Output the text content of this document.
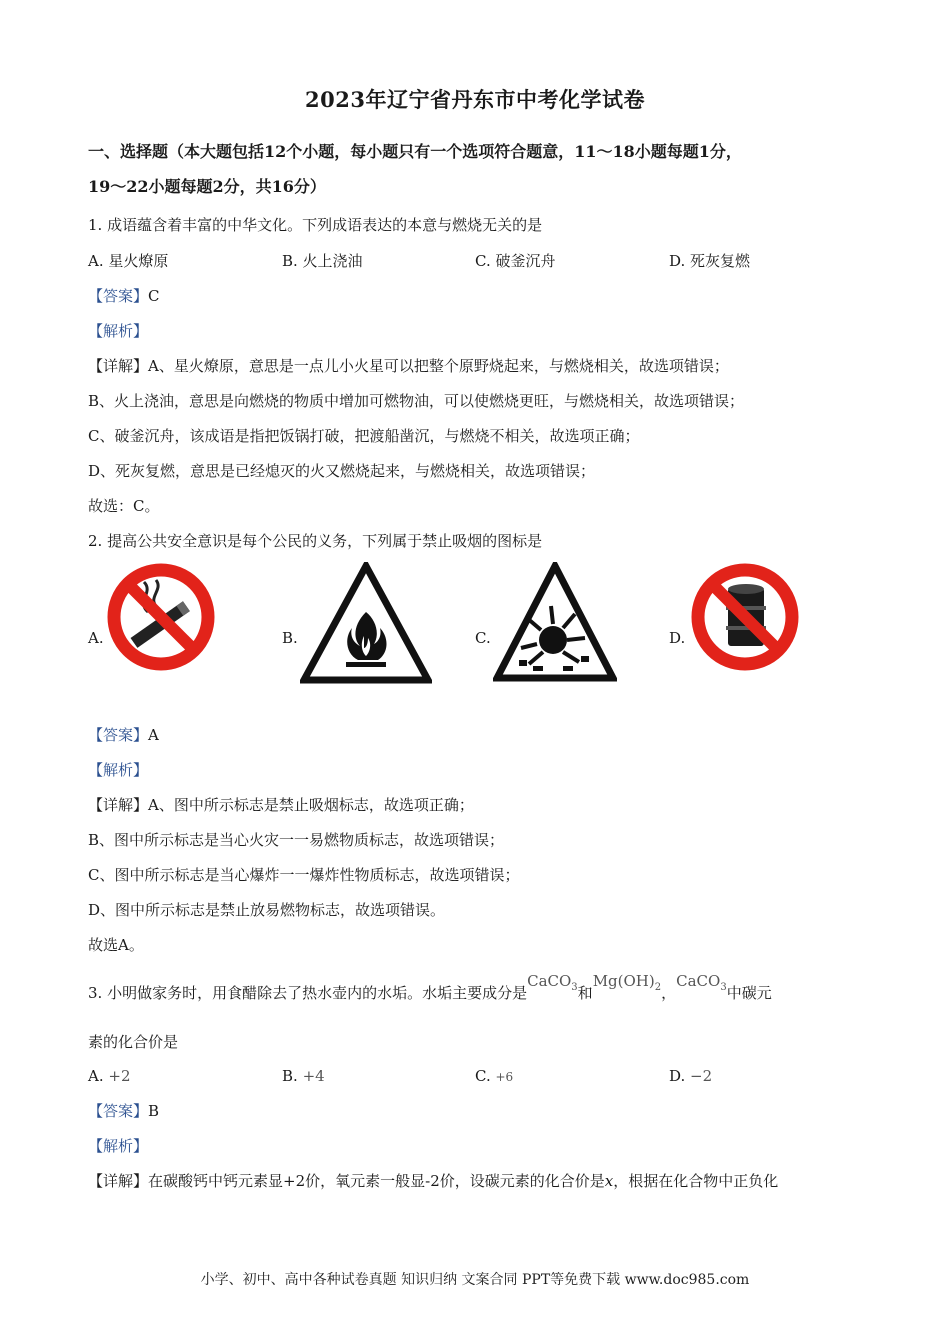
2023年辽宁省丹东市中考化学试卷
一、选择题（本大题包括12个小题，每小题只有一个选项符合题意，11～18小题每题1分，
19～22小题每题2分，共16分）
1. 成语蕴含着丰富的中华文化。下列成语表达的本意与燃烧无关的是
A. 星火燎原	B. 火上浇油	C. 破釜沉舟	D. 死灰复燃
【答案】C
【解析】
【详解】A、星火燎原，意思是一点儿小火星可以把整个原野烧起来，与燃烧相关，故选项错误；
B、火上浇油，意思是向燃烧的物质中增加可燃物油，可以使燃烧更旺，与燃烧相关，故选项错误；
C、破釜沉舟，该成语是指把饭锅打破，把渡船凿沉，与燃烧不相关，故选项正确；
D、死灰复燃，意思是已经熄灭的火又燃烧起来，与燃烧相关，故选项错误；
故选：C。
2. 提高公共安全意识是每个公民的义务，下列属于禁止吸烟的图标是
A.	B.	C.	D.
【答案】A
【解析】
【详解】A、图中所示标志是禁止吸烟标志，故选项正确；
B、图中所示标志是当心火灾一一易燃物质标志，故选项错误；
C、图中所示标志是当心爆炸一一爆炸性物质标志，故选项错误；
D、图中所示标志是禁止放易燃物标志，故选项错误。
故选A。
3. 小明做家务时，用食醋除去了热水壶内的水垢。水垢主要成分是CaCO$_3$和$Mg(OH)_2$，CaCO$_3$中碳元
素的化合价是
A. +2	B. +4	C. +6	D. −2
【答案】B
【解析】
【详解】在碳酸钙中钙元素显+2价，氧元素一般显-2价，设碳元素的化合价是x，根据在化合物中正负化
小学、初中、高中各种试卷真题 知识归纳 文案合同 PPT等免费下载 www.doc985.com
